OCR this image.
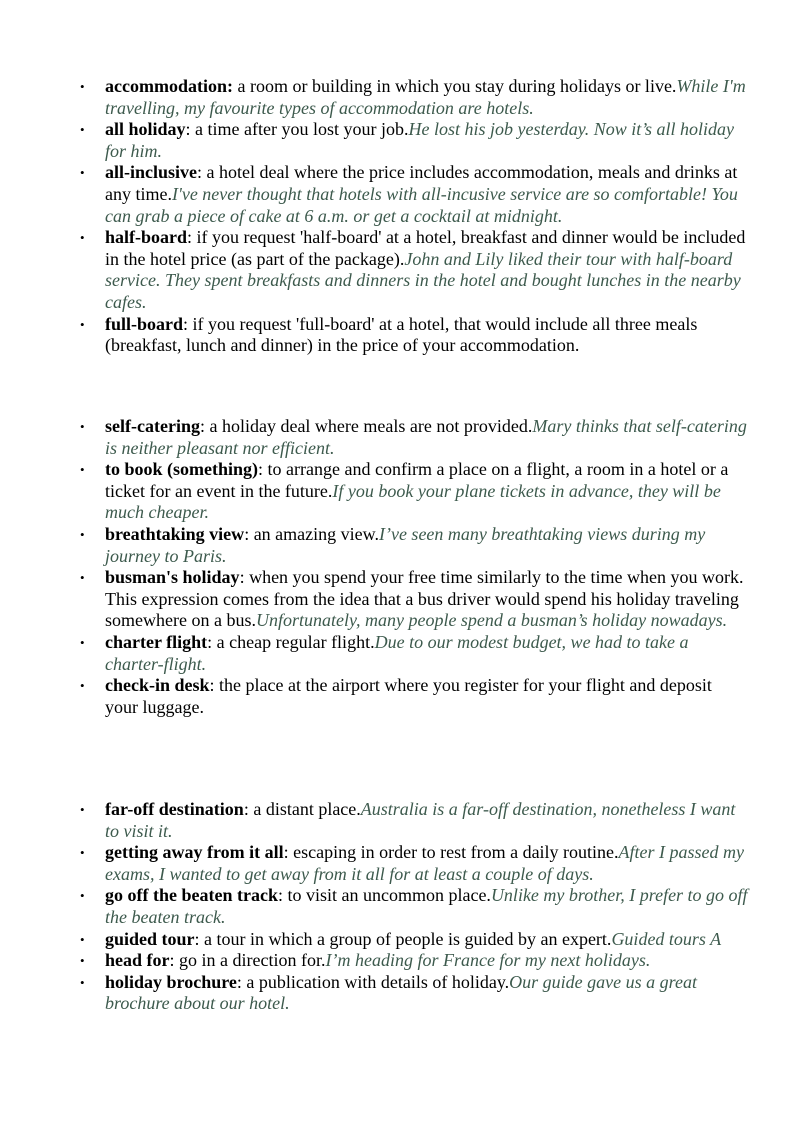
• accommodation: a room or building in which you stay during holidays or live.While I'm travelling, my favourite types of accommodation are hotels.
• all holiday: a time after you lost your job.He lost his job yesterday. Now it’s all holiday for him.
• all-inclusive: a hotel deal where the price includes accommodation, meals and drinks at any time.I've never thought that hotels with all-incusive service are so comfortable! You can grab a piece of cake at 6 a.m. or get a cocktail at midnight.
• half-board: if you request 'half-board' at a hotel, breakfast and dinner would be included in the hotel price (as part of the package).John and Lily liked their tour with half-board service. They spent breakfasts and dinners in the hotel and bought lunches in the nearby cafes.
• full-board: if you request 'full-board' at a hotel, that would include all three meals (breakfast, lunch and dinner) in the price of your accommodation.
• self-catering: a holiday deal where meals are not provided.Mary thinks that self-catering is neither pleasant nor efficient.
• to book (something): to arrange and confirm a place on a flight, a room in a hotel or a ticket for an event in the future.If you book your plane tickets in advance, they will be much cheaper.
• breathtaking view: an amazing view.I’ve seen many breathtaking views during my journey to Paris.
• busman's holiday: when you spend your free time similarly to the time when you work. This expression comes from the idea that a bus driver would spend his holiday traveling somewhere on a bus.Unfortunately, many people spend a busman’s holiday nowadays.
• charter flight: a cheap regular flight.Due to our modest budget, we had to take a charter-flight.
• check-in desk: the place at the airport where you register for your flight and deposit your luggage.
• far-off destination: a distant place.Australia is a far-off destination, nonetheless I want to visit it.
• getting away from it all: escaping in order to rest from a daily routine.After I passed my exams, I wanted to get away from it all for at least a couple of days.
• go off the beaten track: to visit an uncommon place.Unlike my brother, I prefer to go off the beaten track.
• guided tour: a tour in which a group of people is guided by an expert.Guided tours A
• head for: go in a direction for.I’m heading for France for my next holidays.
• holiday brochure: a publication with details of holiday.Our guide gave us a great brochure about our hotel.
